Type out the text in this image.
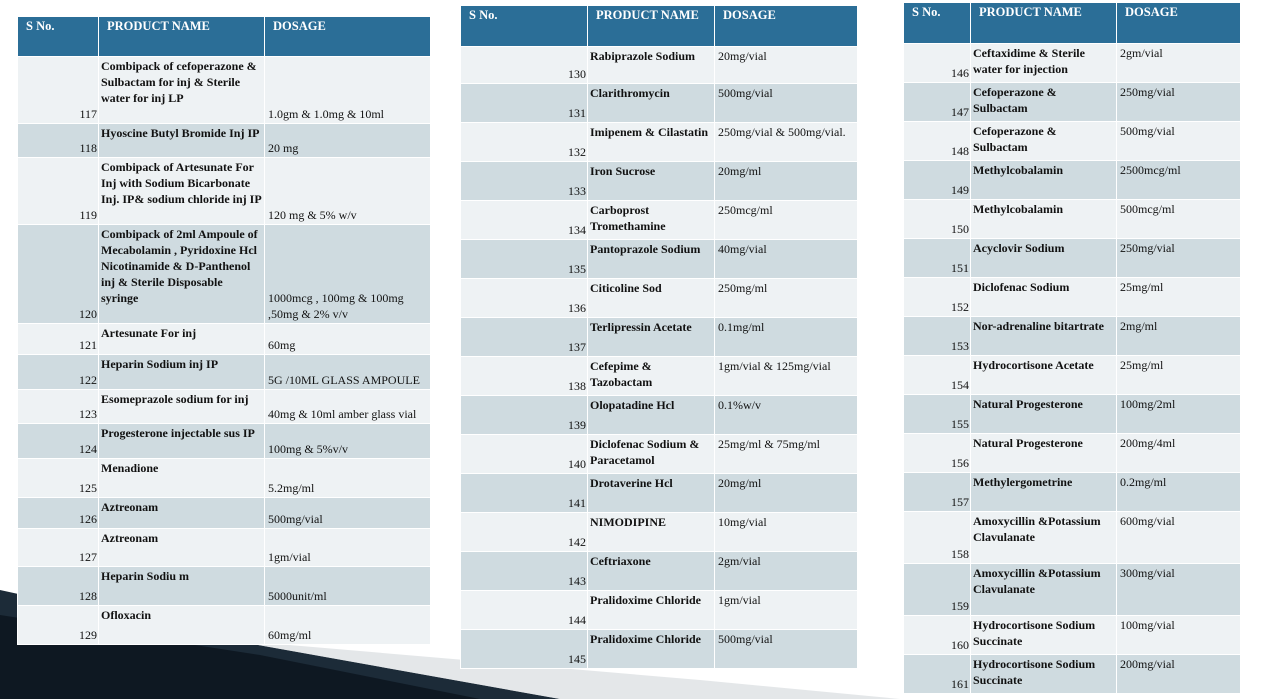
S No.	PRODUCT NAME	DOSAGE
117	Combipack of cefoperazone & Sulbactam for inj & Sterile water for inj LP	1.0gm & 1.0mg & 10ml
118	Hyoscine Butyl Bromide Inj IP	20 mg
119	Combipack of Artesunate For Inj with Sodium Bicarbonate Inj. IP& sodium chloride inj IP	120 mg & 5% w/v
120	Combipack of 2ml Ampoule of Mecabolamin , Pyridoxine Hcl Nicotinamide & D-Panthenol inj & Sterile Disposable syringe	1000mcg , 100mg & 100mg ,50mg & 2% v/v
121	Artesunate For inj	60mg
122	Heparin Sodium inj IP	5G /10ML GLASS AMPOULE
123	Esomeprazole sodium for inj	40mg & 10ml amber glass vial
124	Progesterone injectable sus IP	100mg & 5%v/v
125	Menadione	5.2mg/ml
126	Aztreonam	500mg/vial
127	Aztreonam	1gm/vial
128	Heparin Sodiu m	5000unit/ml
129	Ofloxacin	60mg/ml
S No.	PRODUCT NAME	DOSAGE
130	Rabiprazole Sodium	20mg/vial
131	Clarithromycin	500mg/vial
132	Imipenem & Cilastatin	250mg/vial & 500mg/vial.
133	Iron Sucrose	20mg/ml
134	Carboprost Tromethamine	250mcg/ml
135	Pantoprazole Sodium	40mg/vial
136	Citicoline Sod	250mg/ml
137	Terlipressin Acetate	0.1mg/ml
138	Cefepime & Tazobactam	1gm/vial & 125mg/vial
139	Olopatadine Hcl	0.1%w/v
140	Diclofenac Sodium & Paracetamol	25mg/ml & 75mg/ml
141	Drotaverine Hcl	20mg/ml
142	NIMODIPINE	10mg/vial
143	Ceftriaxone	2gm/vial
144	Pralidoxime Chloride	1gm/vial
145	Pralidoxime Chloride	500mg/vial
S No.	PRODUCT NAME	DOSAGE
146	Ceftaxidime & Sterile water for injection	2gm/vial
147	Cefoperazone & Sulbactam	250mg/vial
148	Cefoperazone & Sulbactam	500mg/vial
149	Methylcobalamin	2500mcg/ml
150	Methylcobalamin	500mcg/ml
151	Acyclovir Sodium	250mg/vial
152	Diclofenac Sodium	25mg/ml
153	Nor-adrenaline bitartrate	2mg/ml
154	Hydrocortisone Acetate	25mg/ml
155	Natural Progesterone	100mg/2ml
156	Natural Progesterone	200mg/4ml
157	Methylergometrine	0.2mg/ml
158	Amoxycillin &Potassium Clavulanate	600mg/vial
159	Amoxycillin &Potassium Clavulanate	300mg/vial
160	Hydrocortisone Sodium Succinate	100mg/vial
161	Hydrocortisone Sodium Succinate	200mg/vial
